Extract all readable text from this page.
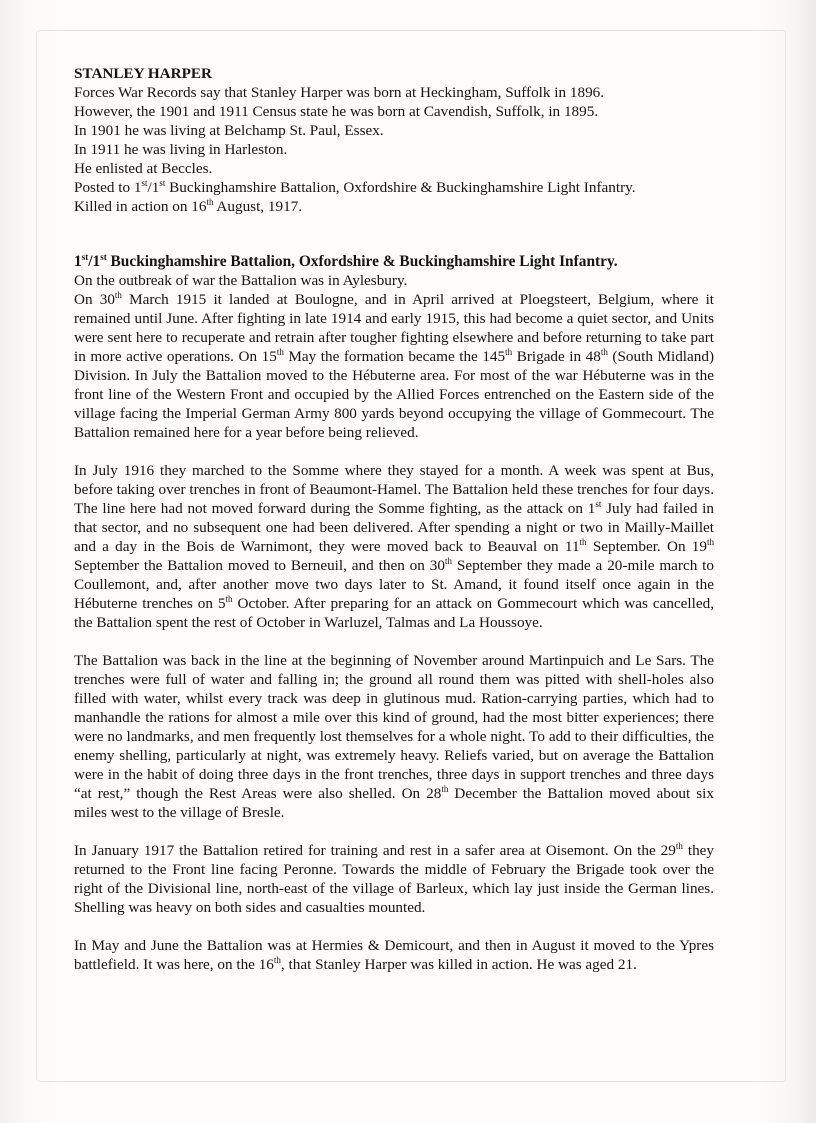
STANLEY HARPER
Forces War Records say that Stanley Harper was born at Heckingham, Suffolk in 1896.
However, the 1901 and 1911 Census state he was born at Cavendish, Suffolk, in 1895.
In 1901 he was living at Belchamp St. Paul, Essex.
In 1911 he was living in Harleston.
He enlisted at Beccles.
Posted to 1st/1st Buckinghamshire Battalion, Oxfordshire & Buckinghamshire Light Infantry.
Killed in action on 16th August, 1917.
1st/1st Buckinghamshire Battalion, Oxfordshire & Buckinghamshire Light Infantry.
On the outbreak of war the Battalion was in Aylesbury.

On 30th March 1915 it landed at Boulogne, and in April arrived at Ploegsteert, Belgium, where it remained until June. After fighting in late 1914 and early 1915, this had become a quiet sector, and Units were sent here to recuperate and retrain after tougher fighting elsewhere and before returning to take part in more active operations. On 15th May the formation became the 145th Brigade in 48th (South Midland) Division. In July the Battalion moved to the Hébuterne area. For most of the war Hébuterne was in the front line of the Western Front and occupied by the Allied Forces entrenched on the Eastern side of the village facing the Imperial German Army 800 yards beyond occupying the village of Gommecourt. The Battalion remained here for a year before being relieved.

In July 1916 they marched to the Somme where they stayed for a month. A week was spent at Bus, before taking over trenches in front of Beaumont-Hamel. The Battalion held these trenches for four days. The line here had not moved forward during the Somme fighting, as the attack on 1st July had failed in that sector, and no subsequent one had been delivered. After spending a night or two in Mailly-Maillet and a day in the Bois de Warnimont, they were moved back to Beauval on 11th September. On 19th September the Battalion moved to Berneuil, and then on 30th September they made a 20-mile march to Coullemont, and, after another move two days later to St. Amand, it found itself once again in the Hébuterne trenches on 5th October. After preparing for an attack on Gommecourt which was cancelled, the Battalion spent the rest of October in Warluzel, Talmas and La Houssoye.

The Battalion was back in the line at the beginning of November around Martinpuich and Le Sars. The trenches were full of water and falling in; the ground all round them was pitted with shell-holes also filled with water, whilst every track was deep in glutinous mud. Ration-carrying parties, which had to manhandle the rations for almost a mile over this kind of ground, had the most bitter experiences; there were no landmarks, and men frequently lost themselves for a whole night. To add to their difficulties, the enemy shelling, particularly at night, was extremely heavy. Reliefs varied, but on average the Battalion were in the habit of doing three days in the front trenches, three days in support trenches and three days “at rest,” though the Rest Areas were also shelled. On 28th December the Battalion moved about six miles west to the village of Bresle.

In January 1917 the Battalion retired for training and rest in a safer area at Oisemont. On the 29th they returned to the Front line facing Peronne. Towards the middle of February the Brigade took over the right of the Divisional line, north-east of the village of Barleux, which lay just inside the German lines. Shelling was heavy on both sides and casualties mounted.

In May and June the Battalion was at Hermies & Demicourt, and then in August it moved to the Ypres battlefield. It was here, on the 16th, that Stanley Harper was killed in action. He was aged 21.
